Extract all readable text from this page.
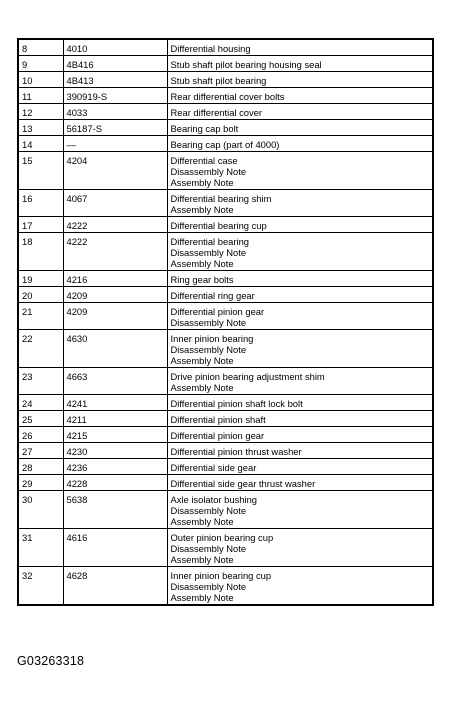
8	4010	Differential housing

9	4B416	Stub shaft pilot bearing housing seal

10	4B413	Stub shaft pilot bearing

11	390919-S	Rear differential cover bolts

12	4033	Rear differential cover

13	56187-S	Bearing cap bolt

14	—	Bearing cap (part of 4000)

15	4204	Differential case
Disassembly Note
Assembly Note

16	4067	Differential bearing shim
Assembly Note

17	4222	Differential bearing cup

18	4222	Differential bearing
Disassembly Note
Assembly Note

19	4216	Ring gear bolts

20	4209	Differential ring gear

21	4209	Differential pinion gear
Disassembly Note

22	4630	Inner pinion bearing
Disassembly Note
Assembly Note

23	4663	Drive pinion bearing adjustment shim
Assembly Note

24	4241	Differential pinion shaft lock bolt

25	4211	Differential pinion shaft

26	4215	Differential pinion gear

27	4230	Differential pinion thrust washer

28	4236	Differential side gear

29	4228	Differential side gear thrust washer

30	5638	Axle isolator bushing
Disassembly Note
Assembly Note

31	4616	Outer pinion bearing cup
Disassembly Note
Assembly Note

32	4628	Inner pinion bearing cup
Disassembly Note
Assembly Note
G03263318
